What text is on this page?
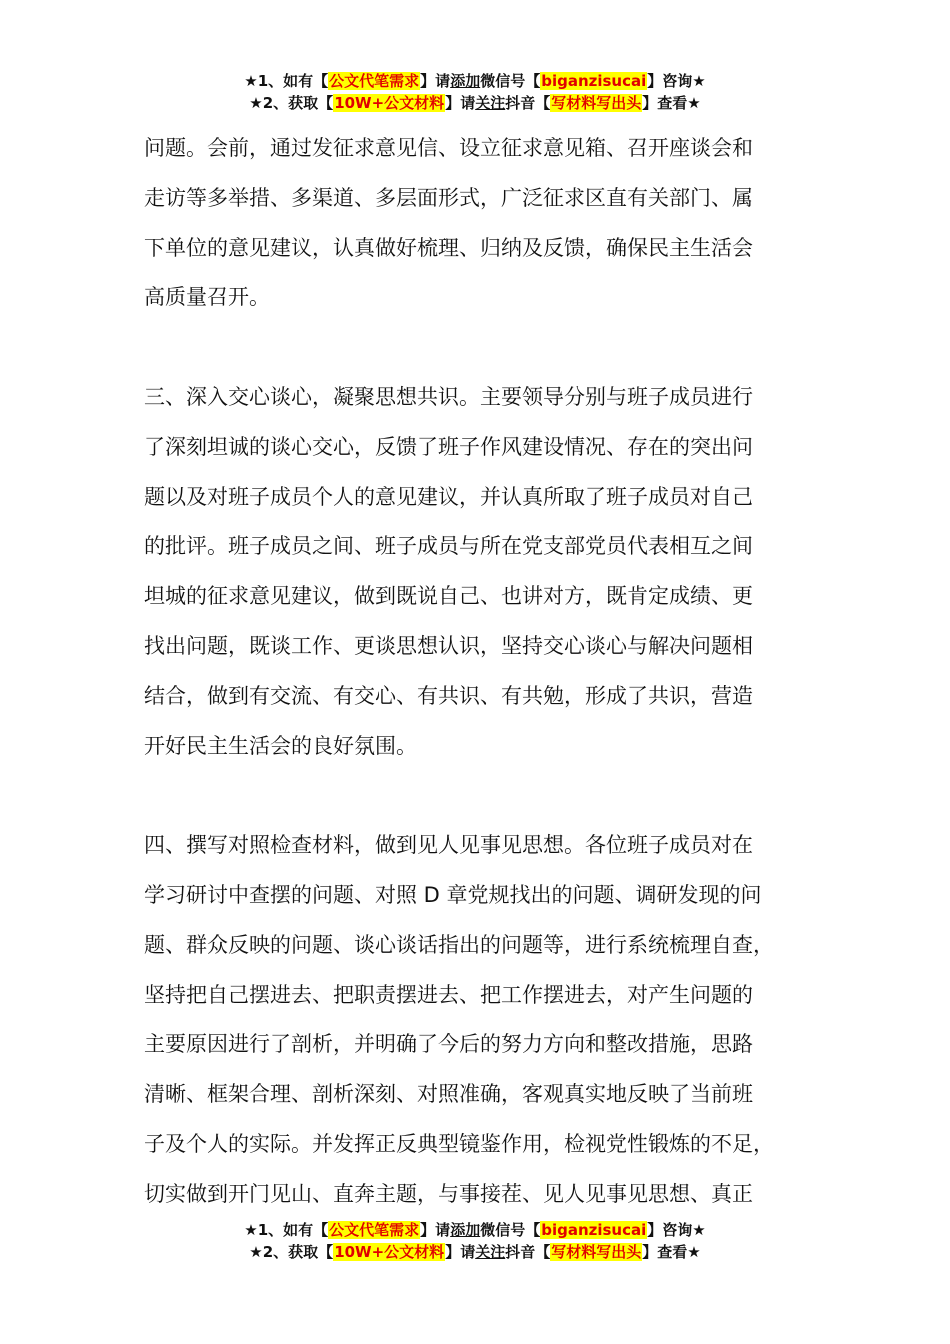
★1、如有【公文代笔需求】请添加微信号【biganzisucai】咨询★
★2、获取【10W+公文材料】请关注抖音【写材料写出头】查看★
问题。会前，通过发征求意见信、设立征求意见箱、召开座谈会和
走访等多举措、多渠道、多层面形式，广泛征求区直有关部门、属
下单位的意见建议，认真做好梳理、归纳及反馈，确保民主生活会
高质量召开。
三、深入交心谈心，凝聚思想共识。主要领导分别与班子成员进行
了深刻坦诚的谈心交心，反馈了班子作风建设情况、存在的突出问
题以及对班子成员个人的意见建议，并认真所取了班子成员对自己
的批评。班子成员之间、班子成员与所在党支部党员代表相互之间
坦城的征求意见建议，做到既说自己、也讲对方，既肯定成绩、更
找出问题，既谈工作、更谈思想认识，坚持交心谈心与解决问题相
结合，做到有交流、有交心、有共识、有共勉，形成了共识，营造
开好民主生活会的良好氛围。
四、撰写对照检查材料，做到见人见事见思想。各位班子成员对在
学习研讨中查摆的问题、对照 D 章党规找出的问题、调研发现的问
题、群众反映的问题、谈心谈话指出的问题等，进行系统梳理自查，
坚持把自己摆进去、把职责摆进去、把工作摆进去，对产生问题的
主要原因进行了剖析，并明确了今后的努力方向和整改措施，思路
清晰、框架合理、剖析深刻、对照准确，客观真实地反映了当前班
子及个人的实际。并发挥正反典型镜鉴作用，检视党性锻炼的不足，
切实做到开门见山、直奔主题，与事接茬、见人见事见思想、真正
★1、如有【公文代笔需求】请添加微信号【biganzisucai】咨询★
★2、获取【10W+公文材料】请关注抖音【写材料写出头】查看★
